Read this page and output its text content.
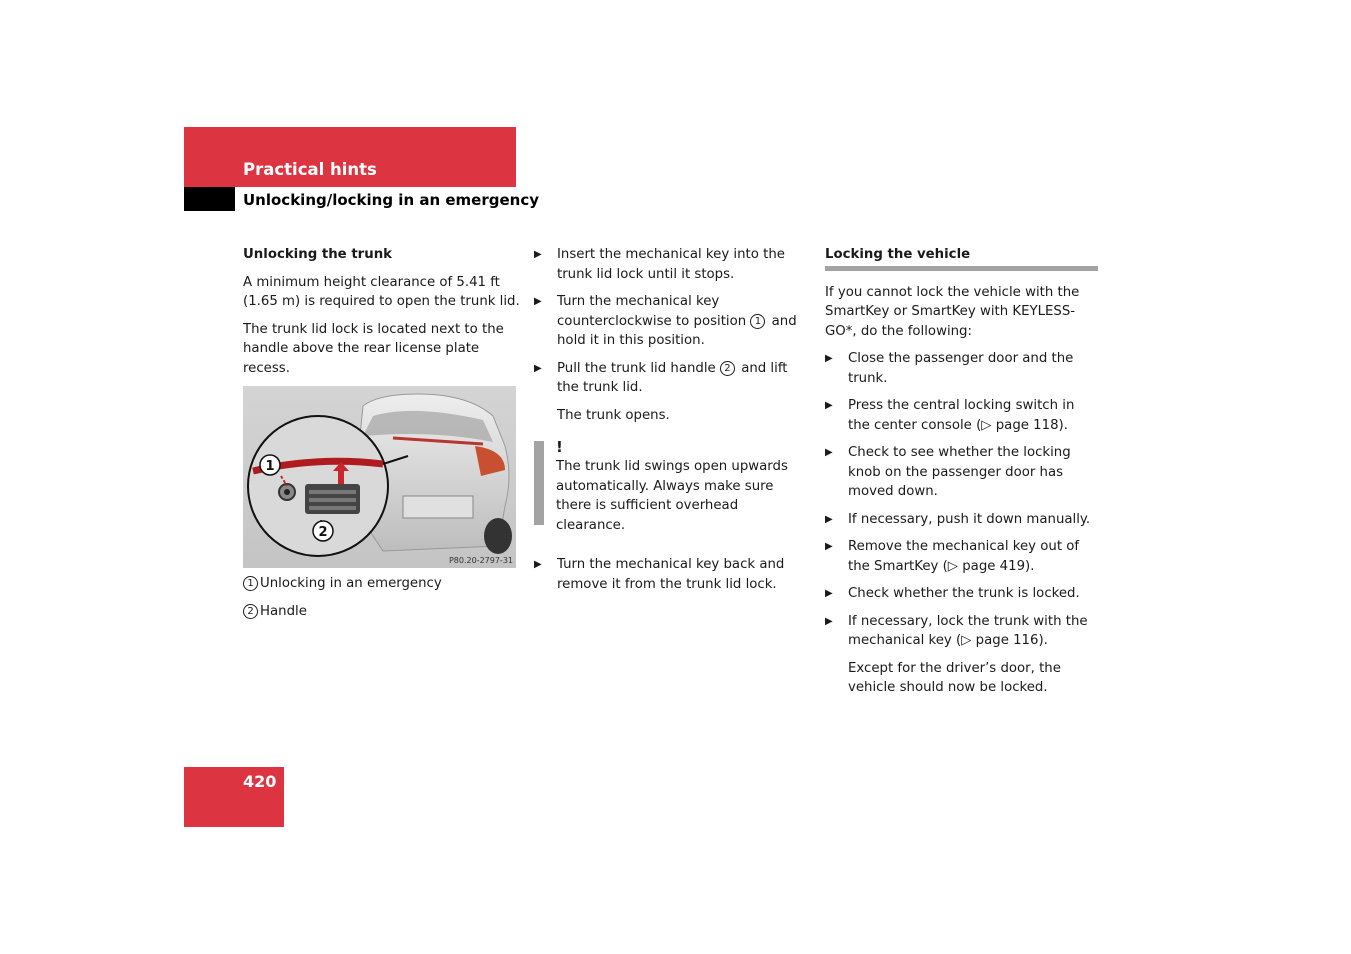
Practical hints
Unlocking/locking in an emergency
Unlocking the trunk

A minimum height clearance of 5.41 ft (1.65 m) is required to open the trunk lid.

The trunk lid lock is located next to the handle above the rear license plate recess.

1
2
P80.20-2797-31

1 Unlocking in an emergency

2 Handle

▶ Insert the mechanical key into the trunk lid lock until it stops.
▶ Turn the mechanical key counterclockwise to position 1 and hold it in this position.
▶ Pull the trunk lid handle 2 and lift the trunk lid.
The trunk opens.
!
The trunk lid swings open upwards automatically. Always make sure there is sufficient overhead clearance.
▶ Turn the mechanical key back and remove it from the trunk lid lock.
Locking the vehicle

If you cannot lock the vehicle with the SmartKey or SmartKey with KEYLESS-GO*, do the following:

▶ Close the passenger door and the trunk.
▶ Press the central locking switch in the center console (▷ page 118).
▶ Check to see whether the locking knob on the passenger door has moved down.
▶ If necessary, push it down manually.
▶ Remove the mechanical key out of the SmartKey (▷ page 419).
▶ Check whether the trunk is locked.
▶ If necessary, lock the trunk with the mechanical key (▷ page 116).
Except for the driver’s door, the vehicle should now be locked.
420
